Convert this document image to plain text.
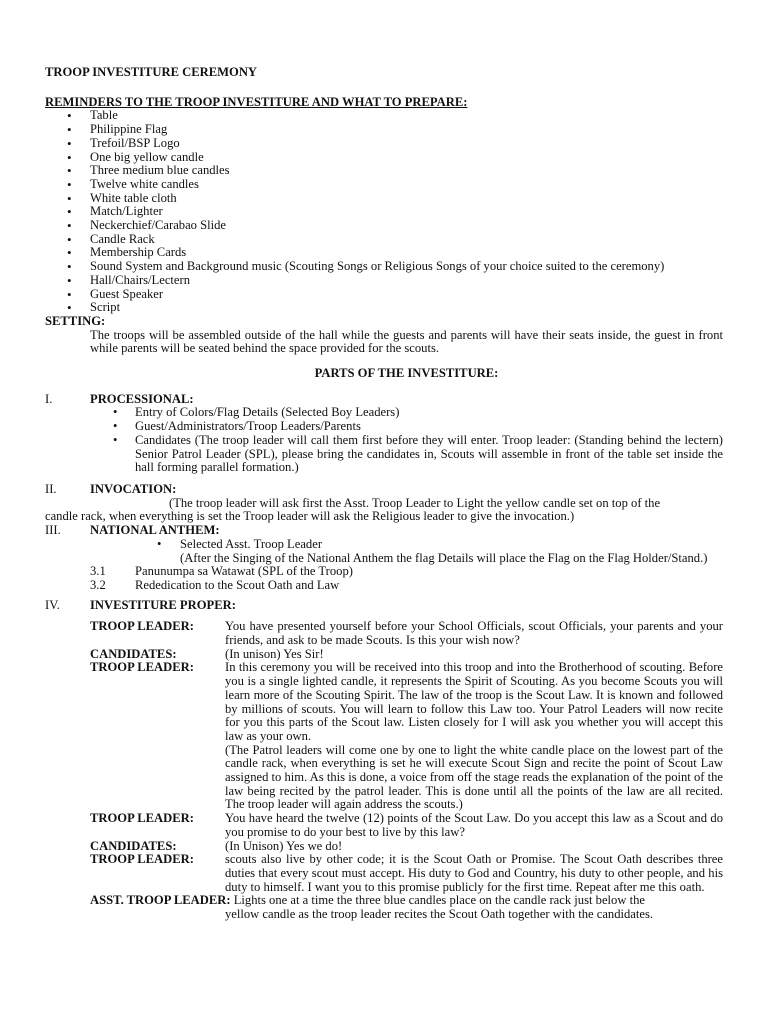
TROOP INVESTITURE CEREMONY
REMINDERS TO THE TROOP INVESTITURE AND WHAT TO PREPARE:
• Table
• Philippine Flag
• Trefoil/BSP Logo
• One big yellow candle
• Three medium blue candles
• Twelve white candles
• White table cloth
• Match/Lighter
• Neckerchief/Carabao Slide
• Candle Rack
• Membership Cards
• Sound System and Background music (Scouting Songs or Religious Songs of your choice suited to the ceremony)
• Hall/Chairs/Lectern
• Guest Speaker
• Script
SETTING:
The troops will be assembled outside of the hall while the guests and parents will have their seats inside, the guest in front while parents will be seated behind the space provided for the scouts.
PARTS OF THE INVESTITURE:
I.	PROCESSIONAL:
• Entry of Colors/Flag Details (Selected Boy Leaders)
• Guest/Administrators/Troop Leaders/Parents
• Candidates (The troop leader will call them first before they will enter. Troop leader: (Standing behind the lectern) Senior Patrol Leader (SPL), please bring the candidates in, Scouts will assemble in front of the table set inside the hall forming parallel formation.)
II.	INVOCATION:
(The troop leader will ask first the Asst. Troop Leader to Light the yellow candle set on top of the
candle rack, when everything is set the Troop leader will ask the Religious leader to give the invocation.)
III.	NATIONAL ANTHEM:
• Selected Asst. Troop Leader
(After the Singing of the National Anthem the flag Details will place the Flag on the Flag Holder/Stand.)
3.1	Panunumpa sa Watawat (SPL of the Troop)
3.2	Rededication to the Scout Oath and Law
IV.	INVESTITURE PROPER:
TROOP LEADER:	You have presented yourself before your School Officials, scout Officials, your parents and your friends, and ask to be made Scouts. Is this your wish now?
CANDIDATES:	(In unison) Yes Sir!
TROOP LEADER:	In this ceremony you will be received into this troop and into the Brotherhood of scouting. Before you is a single lighted candle, it represents the Spirit of Scouting. As you become Scouts you will learn more of the Scouting Spirit. The law of the troop is the Scout Law. It is known and followed by millions of scouts. You will learn to follow this Law too. Your Patrol Leaders will now recite for you this parts of the Scout law. Listen closely for I will ask you whether you will accept this law as your own.
(The Patrol leaders will come one by one to light the white candle place on the lowest part of the candle rack, when everything is set he will execute Scout Sign and recite the point of Scout Law assigned to him. As this is done, a voice from off the stage reads the explanation of the point of the law being recited by the patrol leader. This is done until all the points of the law are all recited. The troop leader will again address the scouts.)
TROOP LEADER:	You have heard the twelve (12) points of the Scout Law. Do you accept this law as a Scout and do you promise to do your best to live by this law?
CANDIDATES:	(In Unison) Yes we do!
TROOP LEADER:	scouts also live by other code; it is the Scout Oath or Promise. The Scout Oath describes three duties that every scout must accept. His duty to God and Country, his duty to other people, and his duty to himself. I want you to this promise publicly for the first time. Repeat after me this oath.
ASST. TROOP LEADER: Lights one at a time the three blue candles place on the candle rack just below the
yellow candle as the troop leader recites the Scout Oath together with the candidates.
